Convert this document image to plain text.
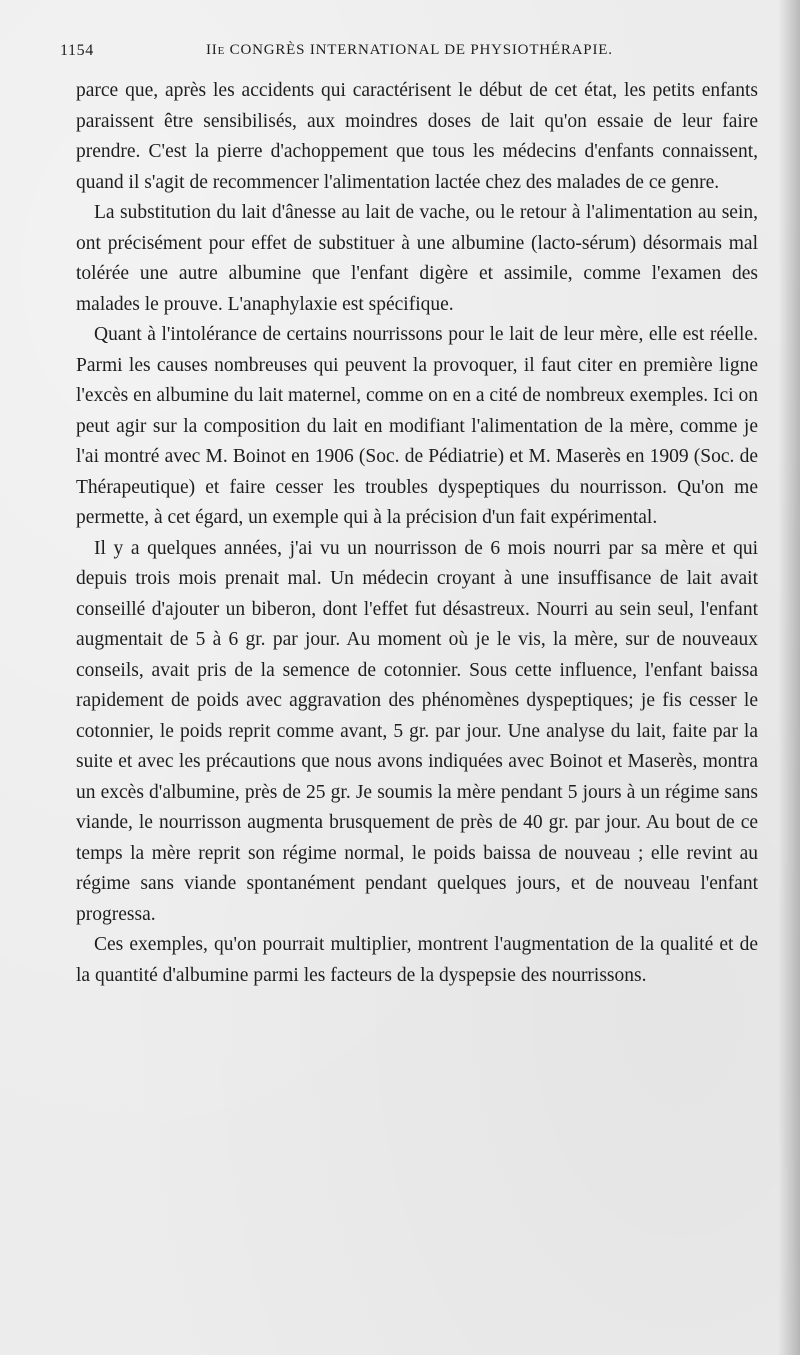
1154	IIe CONGRÈS INTERNATIONAL DE PHYSIOTHÉRAPIE.

parce que, après les accidents qui caractérisent le début de cet état, les petits enfants paraissent être sensibilisés, aux moindres doses de lait qu'on essaie de leur faire prendre. C'est la pierre d'achoppement que tous les médecins d'enfants connaissent, quand il s'agit de recommencer l'alimentation lactée chez des malades de ce genre.

La substitution du lait d'ânesse au lait de vache, ou le retour à l'alimentation au sein, ont précisément pour effet de substituer à une albumine (lacto-sérum) désormais mal tolérée une autre albumine que l'enfant digère et assimile, comme l'examen des malades le prouve. L'anaphylaxie est spécifique.

Quant à l'intolérance de certains nourrissons pour le lait de leur mère, elle est réelle. Parmi les causes nombreuses qui peuvent la provoquer, il faut citer en première ligne l'excès en albumine du lait maternel, comme on en a cité de nombreux exemples. Ici on peut agir sur la composition du lait en modifiant l'alimentation de la mère, comme je l'ai montré avec M. Boinot en 1906 (Soc. de Pédiatrie) et M. Maserès en 1909 (Soc. de Thérapeutique) et faire cesser les troubles dyspeptiques du nourrisson. Qu'on me permette, à cet égard, un exemple qui à la précision d'un fait expérimental.

Il y a quelques années, j'ai vu un nourrisson de 6 mois nourri par sa mère et qui depuis trois mois prenait mal. Un médecin croyant à une insuffisance de lait avait conseillé d'ajouter un biberon, dont l'effet fut désastreux. Nourri au sein seul, l'enfant augmentait de 5 à 6 gr. par jour. Au moment où je le vis, la mère, sur de nouveaux conseils, avait pris de la semence de cotonnier. Sous cette influence, l'enfant baissa rapidement de poids avec aggravation des phénomènes dyspeptiques; je fis cesser le cotonnier, le poids reprit comme avant, 5 gr. par jour. Une analyse du lait, faite par la suite et avec les précautions que nous avons indiquées avec Boinot et Maserès, montra un excès d'albumine, près de 25 gr. Je soumis la mère pendant 5 jours à un régime sans viande, le nourrisson augmenta brusquement de près de 40 gr. par jour. Au bout de ce temps la mère reprit son régime normal, le poids baissa de nouveau ; elle revint au régime sans viande spontanément pendant quelques jours, et de nouveau l'enfant progressa.

Ces exemples, qu'on pourrait multiplier, montrent l'augmentation de la qualité et de la quantité d'albumine parmi les facteurs de la dyspepsie des nourrissons.
